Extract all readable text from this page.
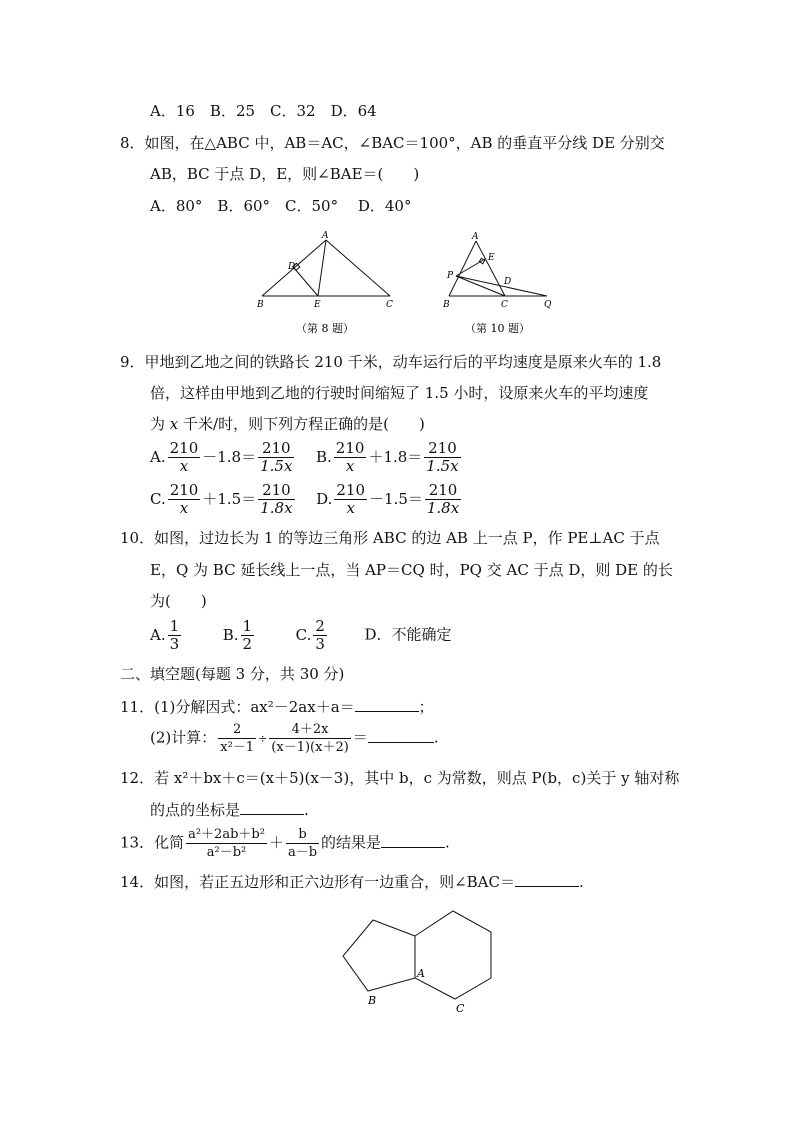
A．16　B．25　C．32　D．64
8．如图，在△ABC 中，AB＝AC，∠BAC＝100°，AB 的垂直平分线 DE 分别交
AB，BC 于点 D，E，则∠BAE＝(　　)
A．80°　B．60°　C．50°　 D．40°
A
B	C
D
E
（第 8 题）
A
E
P
D
B	C	Q
（第 10 题）
9．甲地到乙地之间的铁路长 210 千米，动车运行后的平均速度是原来火车的 1.8
倍，这样由甲地到乙地的行驶时间缩短了 1.5 小时，设原来火车的平均速度
为 x 千米/时，则下列方程正确的是(　　)
A. $\frac{210}{x} -1.8= \frac{210}{1.5x} B$. $\frac{210}{x} +1.8= \frac{210}{1.5x}$
C. $\frac{210}{x} +1.5= \frac{210}{1.8x} D$. $\frac{210}{x} -1.5= \frac{210}{1.8x}$
10．如图，过边长为 1 的等边三角形 ABC 的边 AB 上一点 P，作 PE⊥AC 于点
E，Q 为 BC 延长线上一点，当 AP＝CQ 时，PQ 交 AC 于点 D，则 DE 的长
为(　　)
A. $\frac{1}{3}$	B. $\frac{1}{2}$	C. $\frac{2}{3}$	D．不能确定
二、填空题(每题 3 分，共 30 分)
11．(1)分解因式：ax²－2ax＋a＝	；
(2)计算： $\frac{2}{\text{x²－1}} \div \frac{4+2x}{(x-1)(x+2)}$ ＝	.
12．若 x²＋bx＋c＝(x＋5)(x－3)，其中 b，c 为常数，则点 P(b，c)关于 y 轴对称
的点的坐标是	.
13．化简 $\frac{\text{a²＋2ab＋b²}}{\text{a²－b²}} + \frac{b}{a-b}$ 的结果是	.
14．如图，若正五边形和正六边形有一边重合，则∠BAC＝	.
A
B
C
